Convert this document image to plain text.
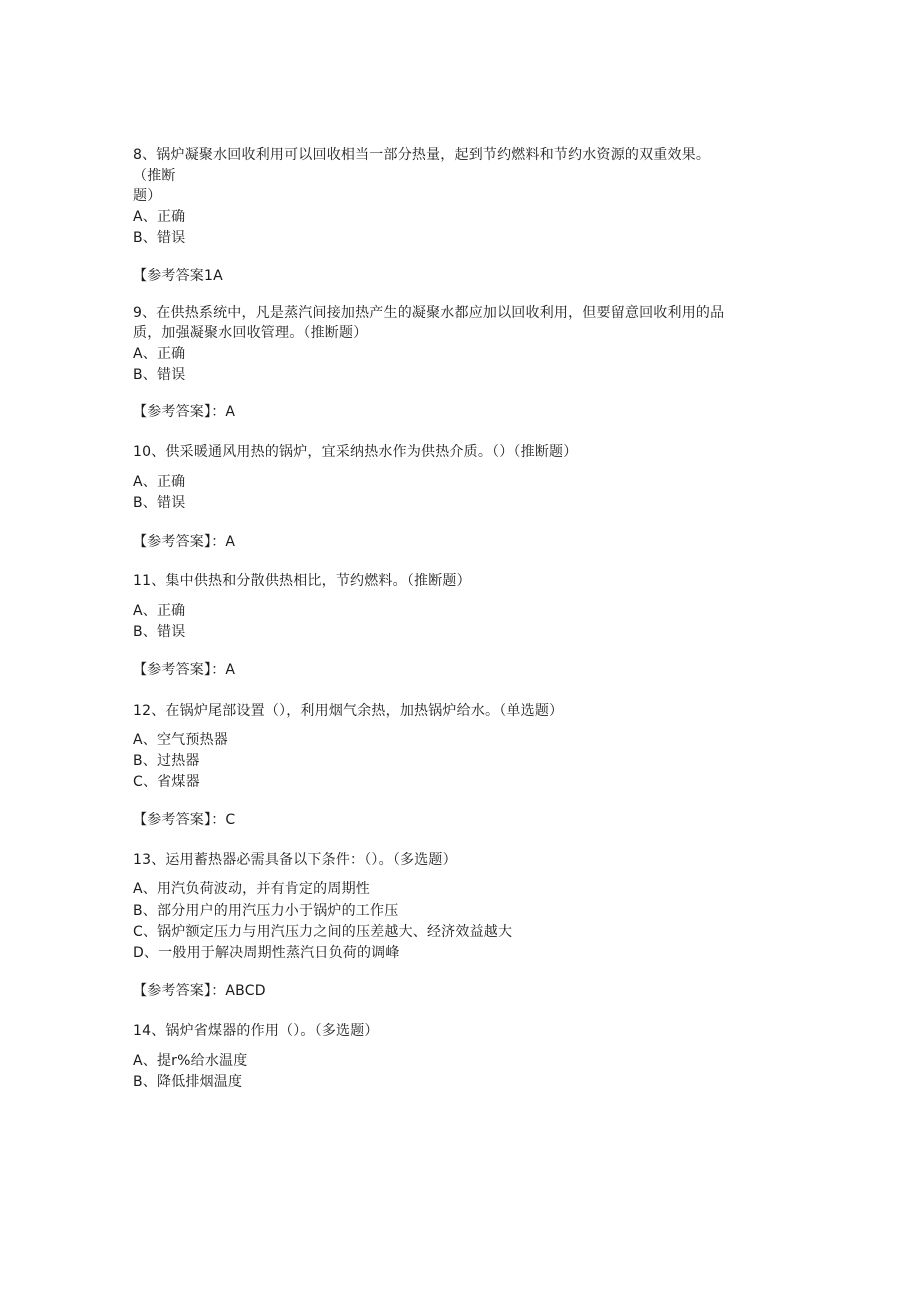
8、锅炉凝聚水回收利用可以回收相当一部分热量，起到节约燃料和节约水资源的双重效果。
（推断
题）
A、正确
B、错误
【参考答案1A
9、在供热系统中，凡是蒸汽间接加热产生的凝聚水都应加以回收利用，但要留意回收利用的品
质，加强凝聚水回收管理。（推断题）
A、正确
B、错误
【参考答案】：A
10、供采暖通风用热的锅炉，宜采纳热水作为供热介质。（）（推断题）
A、正确
B、错误
【参考答案】：A
11、集中供热和分散供热相比，节约燃料。（推断题）
A、正确
B、错误
【参考答案】：A
12、在锅炉尾部设置（），利用烟气余热，加热锅炉给水。（单选题）
A、空气预热器
B、过热器
C、省煤器
【参考答案】：C
13、运用蓄热器必需具备以下条件：（）。（多选题）
A、用汽负荷波动，并有肯定的周期性
B、部分用户的用汽压力小于锅炉的工作压
C、锅炉额定压力与用汽压力之间的压差越大、经济效益越大
D、一般用于解决周期性蒸汽日负荷的调峰
【参考答案】：ABCD
14、锅炉省煤器的作用（）。（多选题）
A、提r%给水温度
B、降低排烟温度
